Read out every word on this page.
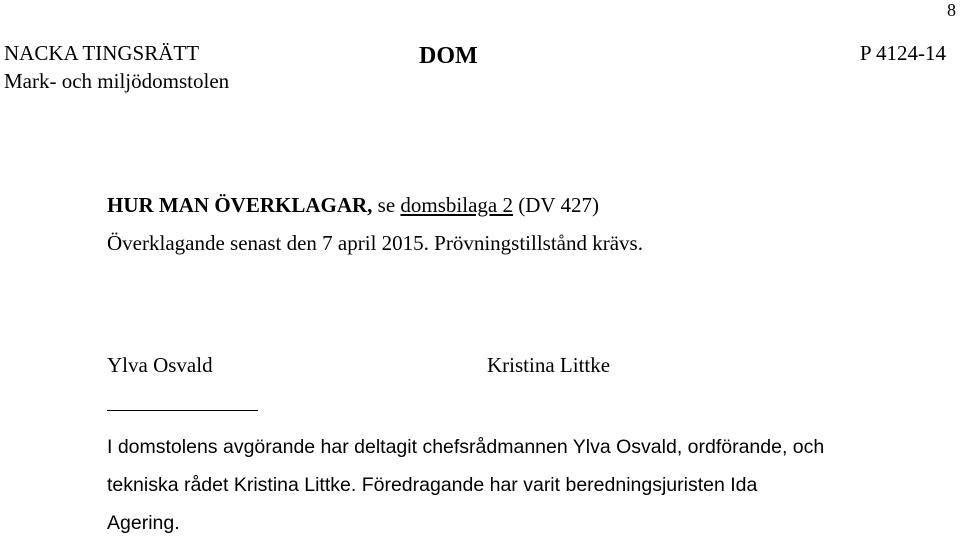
8
NACKA TINGSRÄTT
Mark- och miljödomstolen
DOM	P 4124-14
HUR MAN ÖVERKLAGAR, se domsbilaga 2 (DV 427)
Överklagande senast den 7 april 2015. Prövningstillstånd krävs.
Ylva Osvald	Kristina Littke
I domstolens avgörande har deltagit chefsrådmannen Ylva Osvald, ordförande, och
tekniska rådet Kristina Littke. Föredragande har varit beredningsjuristen Ida
Agering.
